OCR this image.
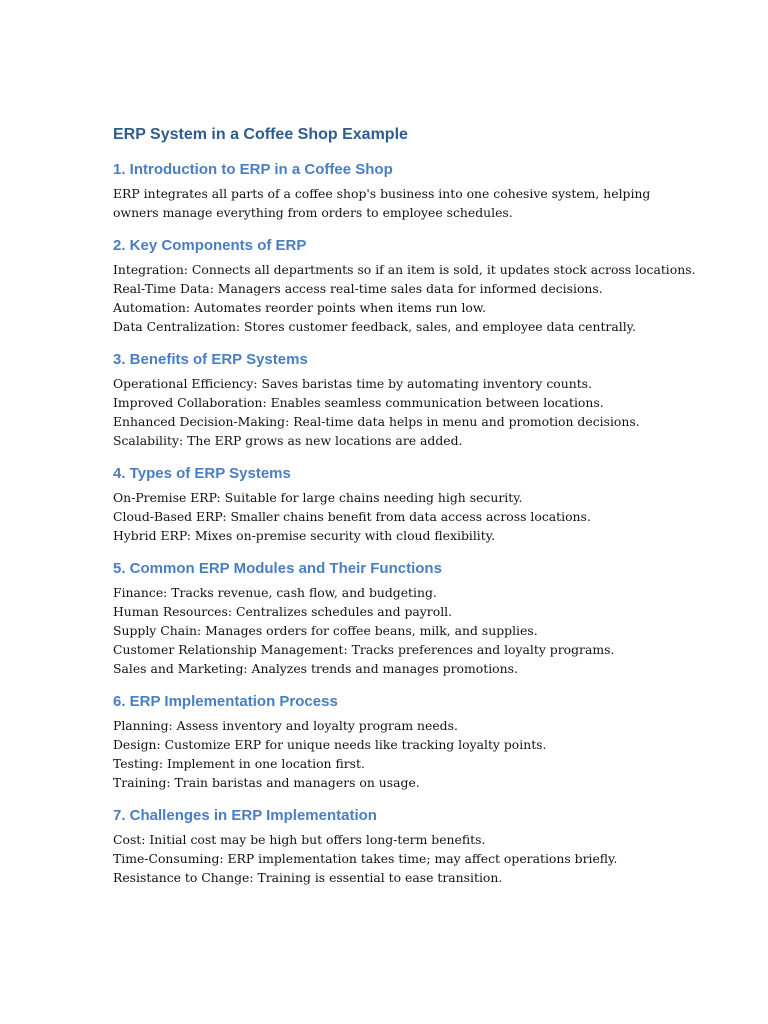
ERP System in a Coffee Shop Example
1. Introduction to ERP in a Coffee Shop

ERP integrates all parts of a coffee shop's business into one cohesive system, helping

owners manage everything from orders to employee schedules.

2. Key Components of ERP

Integration: Connects all departments so if an item is sold, it updates stock across locations.

Real-Time Data: Managers access real-time sales data for informed decisions.

Automation: Automates reorder points when items run low.

Data Centralization: Stores customer feedback, sales, and employee data centrally.

3. Benefits of ERP Systems

Operational Efficiency: Saves baristas time by automating inventory counts.

Improved Collaboration: Enables seamless communication between locations.

Enhanced Decision-Making: Real-time data helps in menu and promotion decisions.

Scalability: The ERP grows as new locations are added.

4. Types of ERP Systems

On-Premise ERP: Suitable for large chains needing high security.

Cloud-Based ERP: Smaller chains benefit from data access across locations.

Hybrid ERP: Mixes on-premise security with cloud flexibility.

5. Common ERP Modules and Their Functions

Finance: Tracks revenue, cash flow, and budgeting.

Human Resources: Centralizes schedules and payroll.

Supply Chain: Manages orders for coffee beans, milk, and supplies.

Customer Relationship Management: Tracks preferences and loyalty programs.

Sales and Marketing: Analyzes trends and manages promotions.

6. ERP Implementation Process

Planning: Assess inventory and loyalty program needs.

Design: Customize ERP for unique needs like tracking loyalty points.

Testing: Implement in one location first.

Training: Train baristas and managers on usage.

7. Challenges in ERP Implementation

Cost: Initial cost may be high but offers long-term benefits.

Time-Consuming: ERP implementation takes time; may affect operations briefly.

Resistance to Change: Training is essential to ease transition.
